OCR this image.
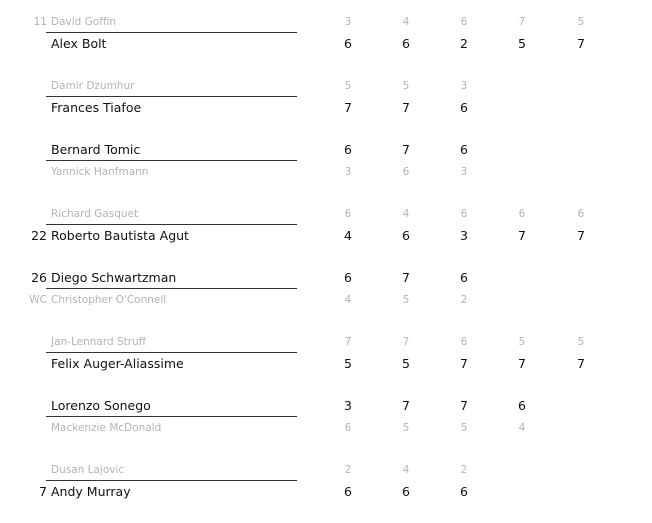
11 David Goffin	3	4	6	7	5
Alex Bolt	6	6	2	5	7
Damir Dzumhur	5	5	3
Frances Tiafoe	7	7	6
Bernard Tomic	6	7	6
Yannick Hanfmann	3	6	3
Richard Gasquet	6	4	6	6	6
22 Roberto Bautista Agut	4	6	3	7	7
26 Diego Schwartzman	6	7	6
WC Christopher O'Connell	4	5	2
Jan-Lennard Struff	7	7	6	5	5
Felix Auger-Aliassime	5	5	7	7	7
Lorenzo Sonego	3	7	7	6
Mackenzie McDonald	6	5	5	4
Dusan Lajovic	2	4	2
7 Andy Murray	6	6	6
